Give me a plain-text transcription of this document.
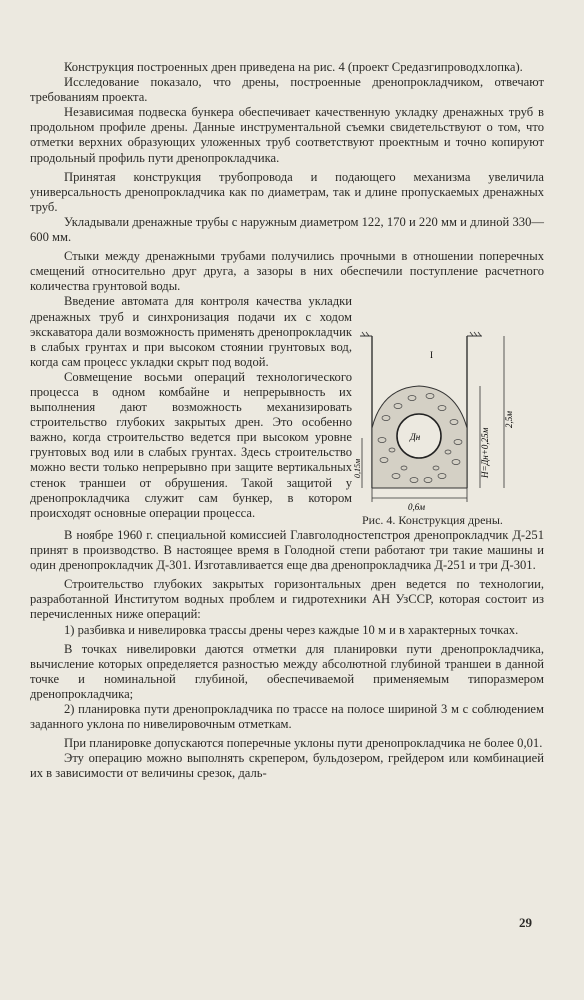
Конструкция построенных дрен приведена на рис. 4 (проект Средазгипроводхлопка).

Исследование показало, что дрены, построенные дренопрокладчиком, отвечают требованиям проекта.

Независимая подвеска бункера обеспечивает качественную укладку дренажных труб в продольном профиле дрены. Данные инструментальной съемки свидетельствуют о том, что отметки верхних образующих уложенных труб соответствуют проектным и точно копируют продольный профиль пути дренопрокладчика.

Принятая конструкция трубопровода и подающего механизма увеличила универсальность дренопрокладчика как по диаметрам, так и длине пропускаемых дренажных труб.

Укладывали дренажные трубы с наружным диаметром 122, 170 и 220 мм и длиной 330—600 мм.

Стыки между дренажными трубами получились прочными в отношении поперечных смещений относительно друг друга, а зазоры в них обеспечили поступление расчетного количества грунтовой воды.

Введение автомата для контроля качества укладки дренажных труб и синхронизация подачи их с ходом экскаватора дали возможность применять дренопрокладчик в слабых грунтах и при высоком стоянии грунтовых вод, когда сам процесс укладки скрыт под водой.

Совмещение восьми операций технологического процесса в одном комбайне и непрерывность их выполнения дают возможность механизировать строительство глубоких закрытых дрен. Это особенно важно, когда строительство ведется при высоком уровне грунтовых вод или в слабых грунтах. Здесь строительство можно вести только непрерывно при защите вертикальных стенок траншеи от обрушения. Такой защитой у дренопрокладчика служит сам бункер, в котором происходят основные операции процесса.

I
Дн	H=Дн+0,25м
2,5м
0,15м
0,6м
Рис. 4. Конструкция дрены.

В ноябре 1960 г. специальной комиссией Главголодностепстроя дренопрокладчик Д-251 принят в производство. В настоящее время в Голодной степи работают три такие машины и один дренопрокладчик Д-301. Изготавливается еще два дренопрокладчика Д-251 и три Д-301.

Строительство глубоких закрытых горизонтальных дрен ведется по технологии, разработанной Институтом водных проблем и гидротехники АН УзССР, которая состоит из перечисленных ниже операций:

1) разбивка и нивелировка трассы дрены через каждые 10 м и в характерных точках.

В точках нивелировки даются отметки для планировки пути дренопрокладчика, вычисление которых определяется разностью между абсолютной глубиной траншеи в данной точке и номинальной глубиной, обеспечиваемой применяемым типоразмером дренопрокладчика;

2) планировка пути дренопрокладчика по трассе на полосе шириной 3 м с соблюдением заданного уклона по нивелировочным отметкам.

При планировке допускаются поперечные уклоны пути дренопрокладчика не более 0,01.

Эту операцию можно выполнять скрепером, бульдозером, грейдером или комбинацией их в зависимости от величины срезок, даль-

29
